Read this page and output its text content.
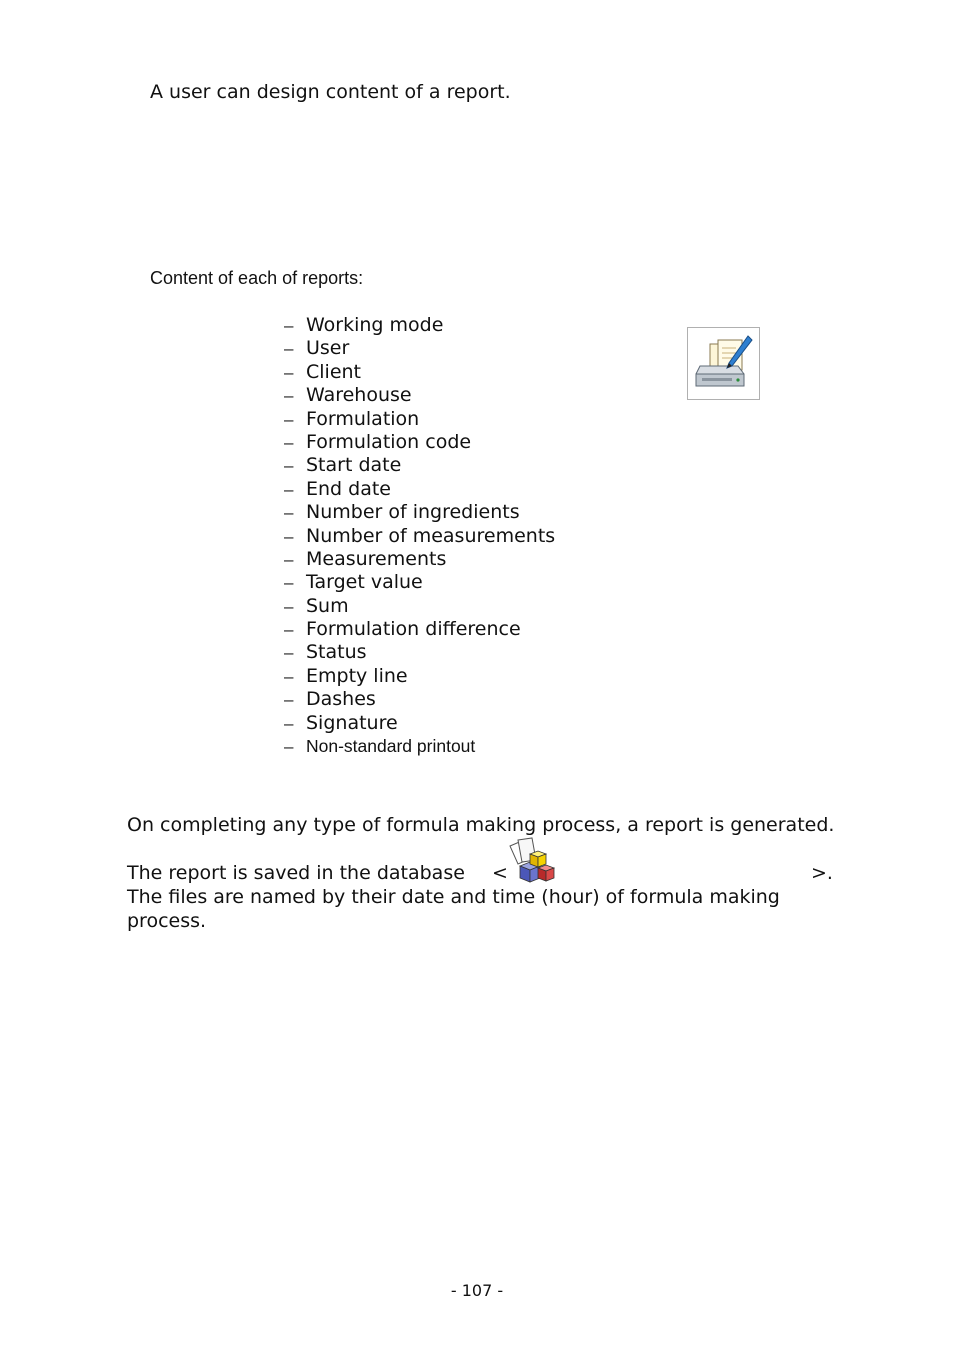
A user can design content of a report.
Content of each of reports:
– Working mode
– User
– Client
– Warehouse
– Formulation
– Formulation code
– Start date
– End date
– Number of ingredients
– Number of measurements
– Measurements
– Target value
– Sum
– Formulation difference
– Status
– Empty line
– Dashes
– Signature
– Non-standard printout
On completing any type of formula making process, a report is generated.
The report is saved in the database <	>.
The files are named by their date and time (hour) of formula making
process.
- 107 -
